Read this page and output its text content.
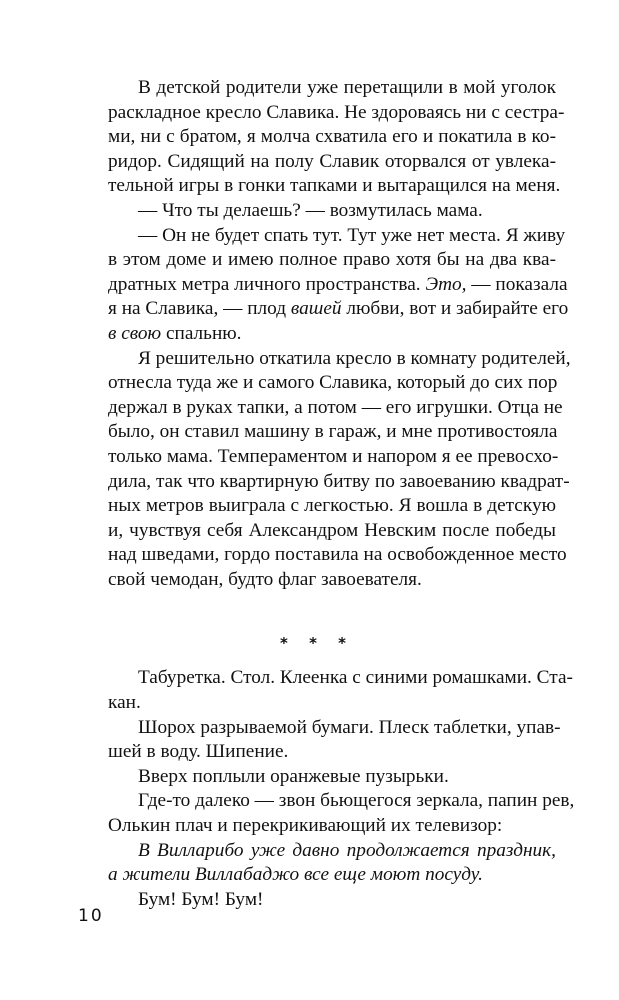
В детской родители уже перетащили в мой уголок
раскладное кресло Славика. Не здороваясь ни с сестра-
ми, ни с братом, я молча схватила его и покатила в ко-
ридор. Сидящий на полу Славик оторвался от увлека-
тельной игры в гонки тапками и вытаращился на меня.
— Что ты делаешь? — возмутилась мама.
— Он не будет спать тут. Тут уже нет места. Я живу
в этом доме и имею полное право хотя бы на два ква-
дратных метра личного пространства. Это, — показала
я на Славика, — плод вашей любви, вот и забирайте его
в свою спальню.
Я решительно откатила кресло в комнату родителей,
отнесла туда же и самого Славика, который до сих пор
держал в руках тапки, а потом — его игрушки. Отца не
было, он ставил машину в гараж, и мне противостояла
только мама. Темпераментом и напором я ее превосхо-
дила, так что квартирную битву по завоеванию квадрат-
ных метров выиграла с легкостью. Я вошла в детскую
и, чувствуя себя Александром Невским после победы
над шведами, гордо поставила на освобожденное место
свой чемодан, будто флаг завоевателя.
* * *
Табуретка. Стол. Клеенка с синими ромашками. Ста-
кан.
Шорох разрываемой бумаги. Плеск таблетки, упав-
шей в воду. Шипение.
Вверх поплыли оранжевые пузырьки.
Где-то далеко — звон бьющегося зеркала, папин рев,
Олькин плач и перекрикивающий их телевизор:
В Вилларибо уже давно продолжается праздник,
а жители Виллабаджо все еще моют посуду.
Бум! Бум! Бум!
10
